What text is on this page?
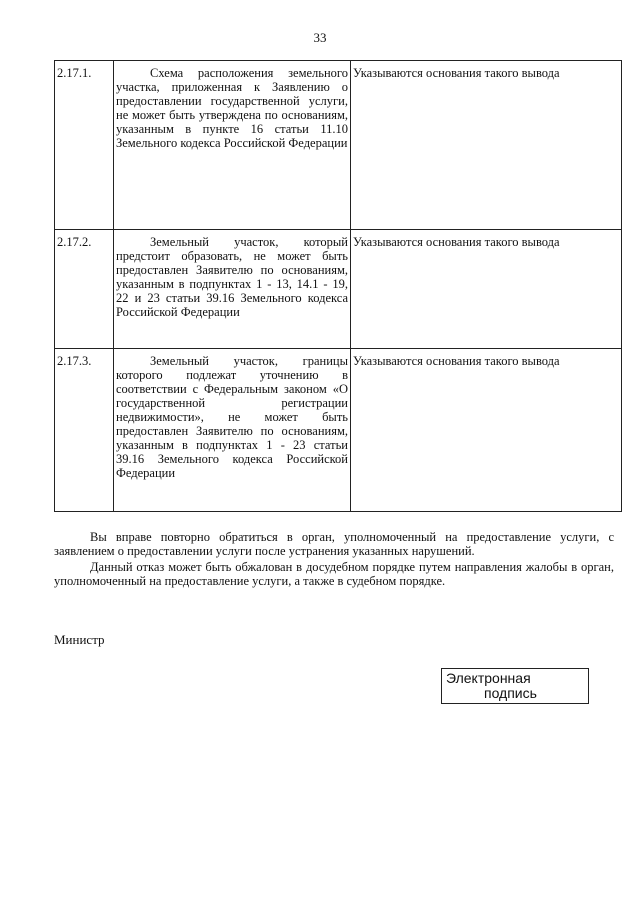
33
2.17.1.	Схема расположения земельного участка, приложенная к Заявлению о предоставлении государственной услуги, не может быть утверждена по основаниям, указанным в пункте 16 статьи 11.10 Земельного кодекса Российской Федерации	Указываются основания такого вывода
2.17.2.	Земельный участок, который предстоит образовать, не может быть предоставлен Заявителю по основаниям, указанным в подпунктах 1 - 13, 14.1 - 19, 22 и 23 статьи 39.16 Земельного кодекса Российской Федерации	Указываются основания такого вывода
2.17.3.	Земельный участок, границы которого подлежат уточнению в соответствии с Федеральным законом «О государственной регистрации недвижимости», не может быть предоставлен Заявителю по основаниям, указанным в подпунктах 1 - 23 статьи 39.16 Земельного кодекса Российской Федерации	Указываются основания такого вывода
Вы вправе повторно обратиться в орган, уполномоченный на предоставление услуги, с заявлением о предоставлении услуги после устранения указанных нарушений.
Данный отказ может быть обжалован в досудебном порядке путем направления жалобы в орган, уполномоченный на предоставление услуги, а также в судебном порядке.
Министр
Электронная
подпись
